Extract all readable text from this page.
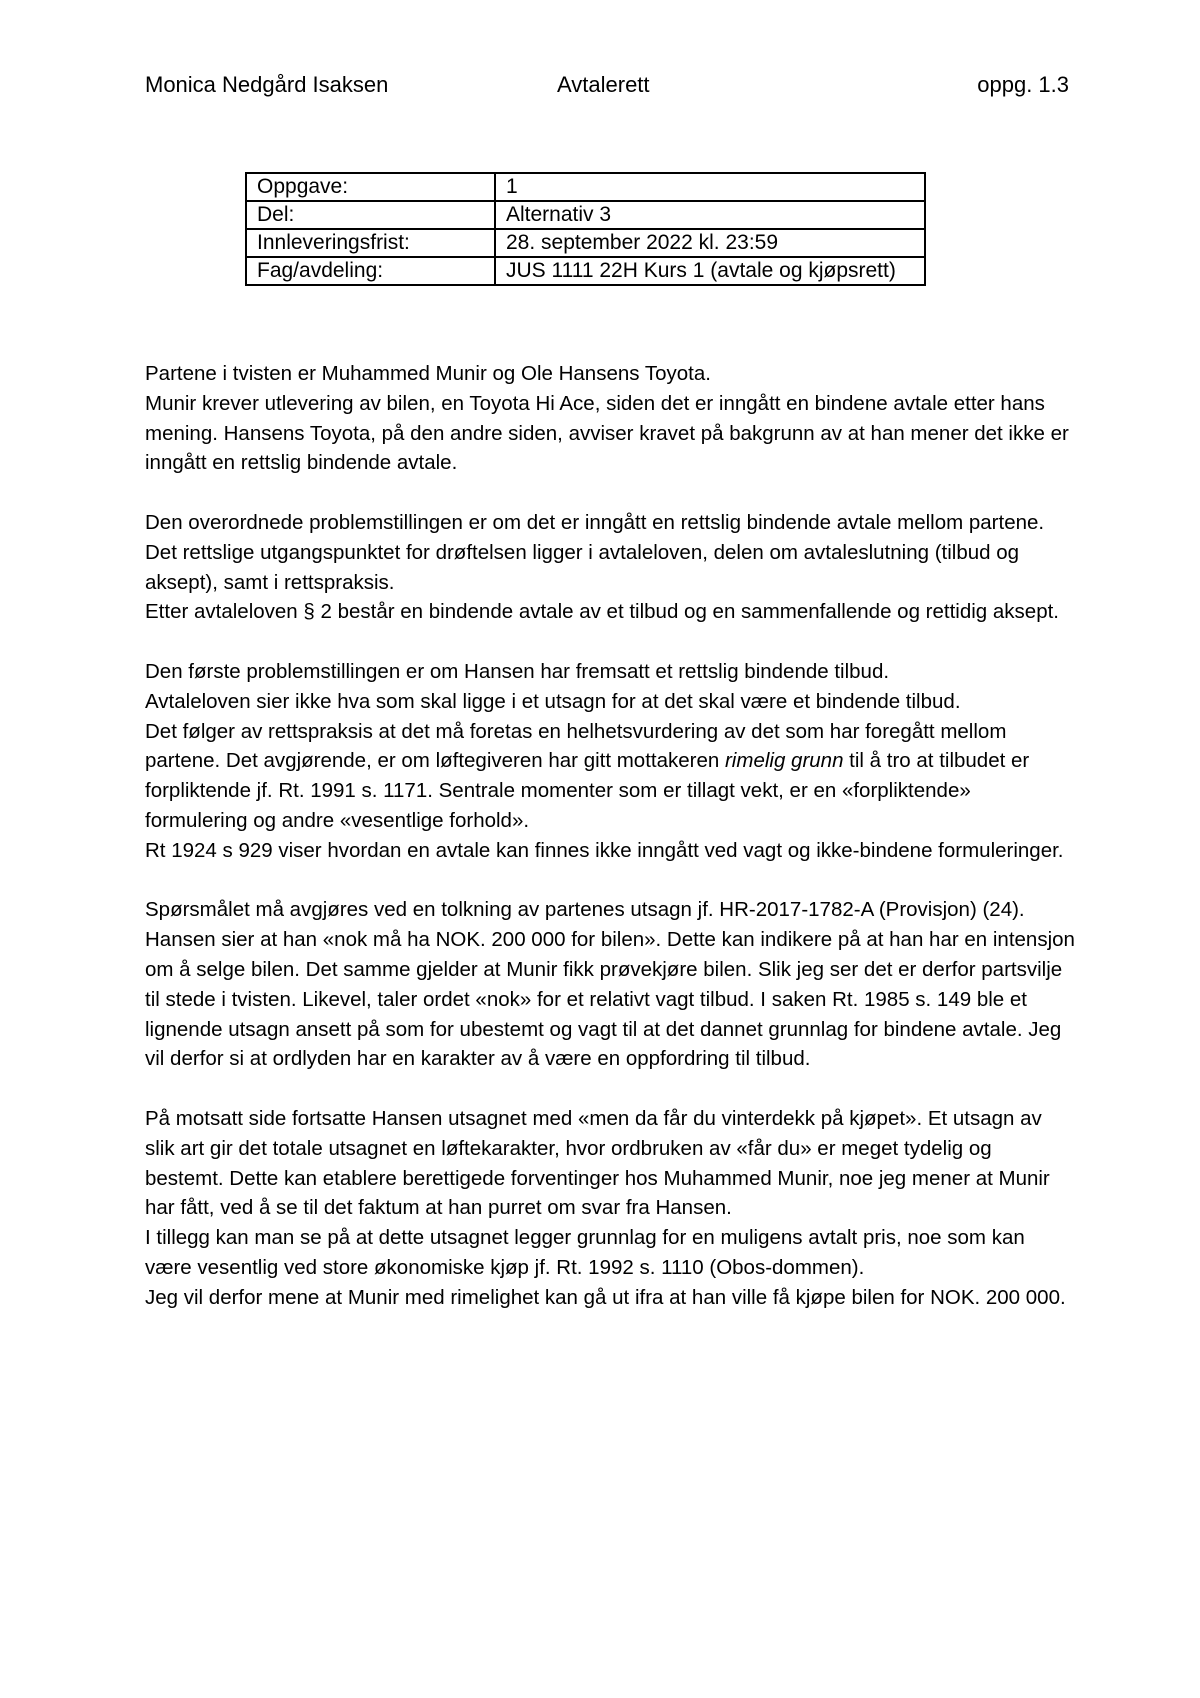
Monica Nedgård Isaksen	Avtalerett	oppg. 1.3
Oppgave:	1
Del:	Alternativ 3
Innleveringsfrist:	28. september 2022 kl. 23:59
Fag/avdeling:	JUS 1111 22H Kurs 1 (avtale og kjøpsrett)

Partene i tvisten er Muhammed Munir og Ole Hansens Toyota.
Munir krever utlevering av bilen, en Toyota Hi Ace, siden det er inngått en bindene avtale etter hans mening. Hansens Toyota, på den andre siden, avviser kravet på bakgrunn av at han mener det ikke er inngått en rettslig bindende avtale.

Den overordnede problemstillingen er om det er inngått en rettslig bindende avtale mellom partene.
Det rettslige utgangspunktet for drøftelsen ligger i avtaleloven, delen om avtaleslutning (tilbud og aksept), samt i rettspraksis.
Etter avtaleloven § 2 består en bindende avtale av et tilbud og en sammenfallende og rettidig aksept.

Den første problemstillingen er om Hansen har fremsatt et rettslig bindende tilbud.
Avtaleloven sier ikke hva som skal ligge i et utsagn for at det skal være et bindende tilbud.
Det følger av rettspraksis at det må foretas en helhetsvurdering av det som har foregått mellom partene. Det avgjørende, er om løftegiveren har gitt mottakeren rimelig grunn til å tro at tilbudet er forpliktende jf. Rt. 1991 s. 1171. Sentrale momenter som er tillagt vekt, er en «forpliktende» formulering og andre «vesentlige forhold».
Rt 1924 s 929 viser hvordan en avtale kan finnes ikke inngått ved vagt og ikke-bindene formuleringer.

Spørsmålet må avgjøres ved en tolkning av partenes utsagn jf. HR-2017-1782-A (Provisjon) (24).
Hansen sier at han «nok må ha NOK. 200 000 for bilen». Dette kan indikere på at han har en intensjon om å selge bilen. Det samme gjelder at Munir fikk prøvekjøre bilen. Slik jeg ser det er derfor partsvilje til stede i tvisten. Likevel, taler ordet «nok» for et relativt vagt tilbud. I saken Rt. 1985 s. 149 ble et lignende utsagn ansett på som for ubestemt og vagt til at det dannet grunnlag for bindene avtale. Jeg vil derfor si at ordlyden har en karakter av å være en oppfordring til tilbud.

På motsatt side fortsatte Hansen utsagnet med «men da får du vinterdekk på kjøpet». Et utsagn av slik art gir det totale utsagnet en løftekarakter, hvor ordbruken av «får du» er meget tydelig og bestemt. Dette kan etablere berettigede forventinger hos Muhammed Munir, noe jeg mener at Munir har fått, ved å se til det faktum at han purret om svar fra Hansen.
I tillegg kan man se på at dette utsagnet legger grunnlag for en muligens avtalt pris, noe som kan være vesentlig ved store økonomiske kjøp jf. Rt. 1992 s. 1110 (Obos-dommen).
Jeg vil derfor mene at Munir med rimelighet kan gå ut ifra at han ville få kjøpe bilen for NOK. 200 000.
